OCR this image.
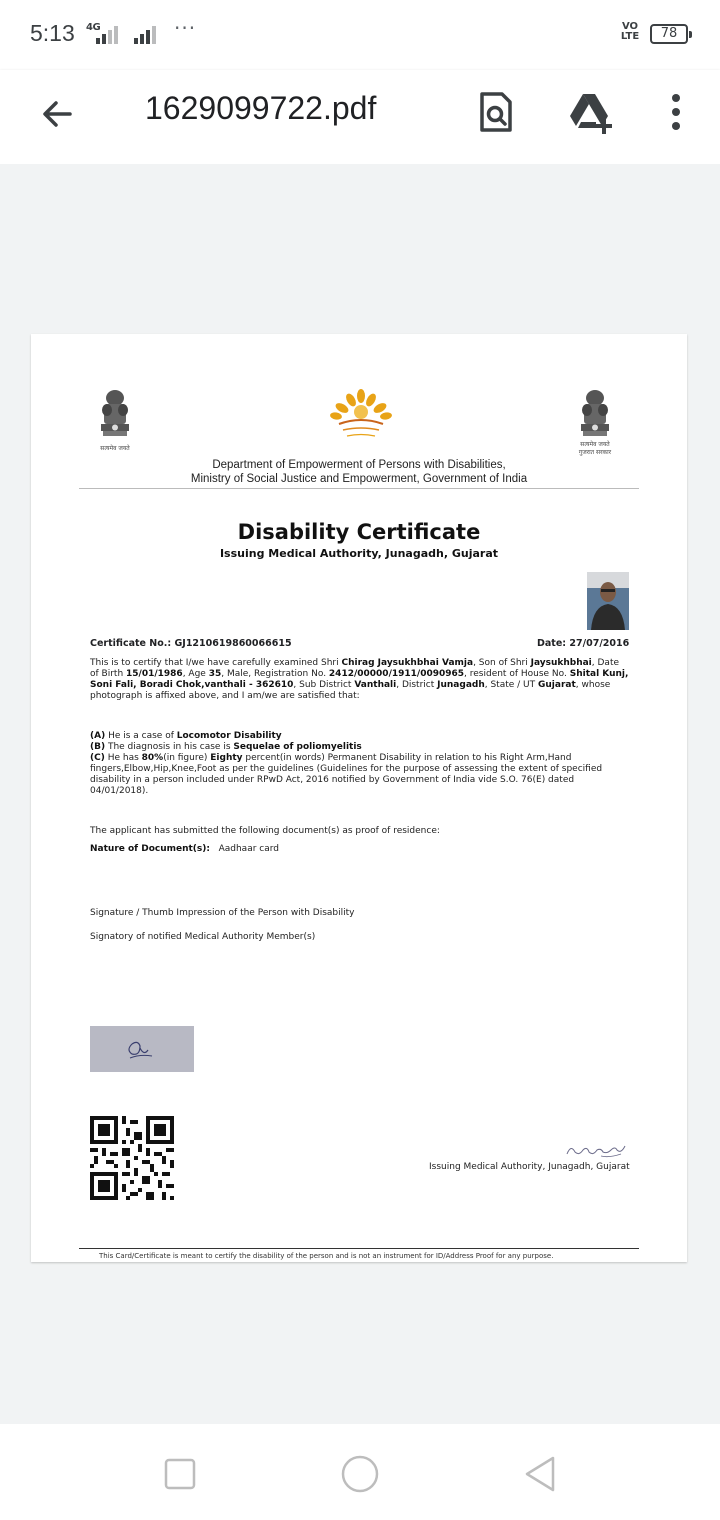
5:13 4G	···	VO LTE	78
1629099722.pdf
सत्यमेव जयते
सत्यमेव जयते
गुजरात सरकार
Department of Empowerment of Persons with Disabilities,
Ministry of Social Justice and Empowerment, Government of India
Disability Certificate
Issuing Medical Authority, Junagadh, Gujarat
Certificate No.: GJ1210619860066615	Date: 27/07/2016
This is to certify that I/we have carefully examined Shri Chirag Jaysukhbhai Vamja, Son of Shri Jaysukhbhai, Date of Birth 15/01/1986, Age 35, Male, Registration No. 2412/00000/1911/0090965, resident of House No. Shital Kunj, Soni Fali, Boradi Chok,vanthali - 362610, Sub District Vanthali, District Junagadh, State / UT Gujarat, whose photograph is affixed above, and I am/we are satisfied that:
(A) He is a case of Locomotor Disability
(B) The diagnosis in his case is Sequelae of poliomyelitis
(C) He has 80%(in figure) Eighty percent(in words) Permanent Disability in relation to his Right Arm,Hand fingers,Elbow,Hip,Knee,Foot as per the guidelines (Guidelines for the purpose of assessing the extent of specified disability in a person included under RPwD Act, 2016 notified by Government of India vide S.O. 76(E) dated 04/01/2018).
The applicant has submitted the following document(s) as proof of residence:
Nature of Document(s): Aadhaar card
Signature / Thumb Impression of the Person with Disability
Signatory of notified Medical Authority Member(s)
Issuing Medical Authority, Junagadh, Gujarat
This Card/Certificate is meant to certify the disability of the person and is not an instrument for ID/Address Proof for any purpose.
